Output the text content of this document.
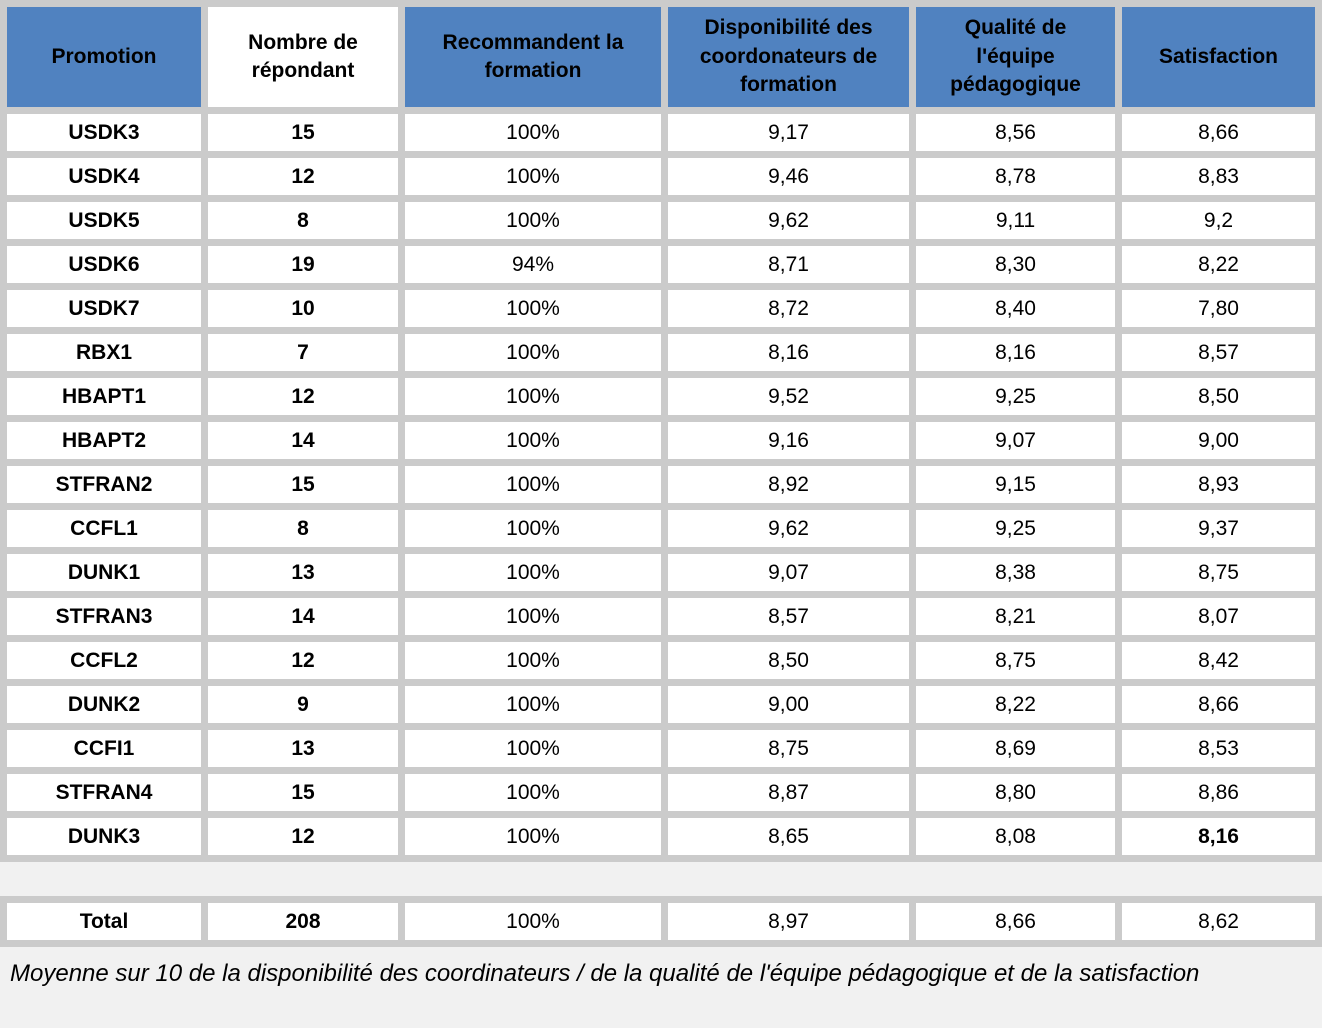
Promotion	Nombre de répondant	Recommandent la formation	Disponibilité des coordonateurs de formation	Qualité de l'équipe pédagogique	Satisfaction
USDK3	15	100%	9,17	8,56	8,66
USDK4	12	100%	9,46	8,78	8,83
USDK5	8	100%	9,62	9,11	9,2
USDK6	19	94%	8,71	8,30	8,22
USDK7	10	100%	8,72	8,40	7,80
RBX1	7	100%	8,16	8,16	8,57
HBAPT1	12	100%	9,52	9,25	8,50
HBAPT2	14	100%	9,16	9,07	9,00
STFRAN2	15	100%	8,92	9,15	8,93
CCFL1	8	100%	9,62	9,25	9,37
DUNK1	13	100%	9,07	8,38	8,75
STFRAN3	14	100%	8,57	8,21	8,07
CCFL2	12	100%	8,50	8,75	8,42
DUNK2	9	100%	9,00	8,22	8,66
CCFI1	13	100%	8,75	8,69	8,53
STFRAN4	15	100%	8,87	8,80	8,86
DUNK3	12	100%	8,65	8,08	8,16
Total	208	100%	8,97	8,66	8,62
Moyenne sur 10 de la disponibilité des coordinateurs / de la qualité de l'équipe pédagogique et de la satisfaction
